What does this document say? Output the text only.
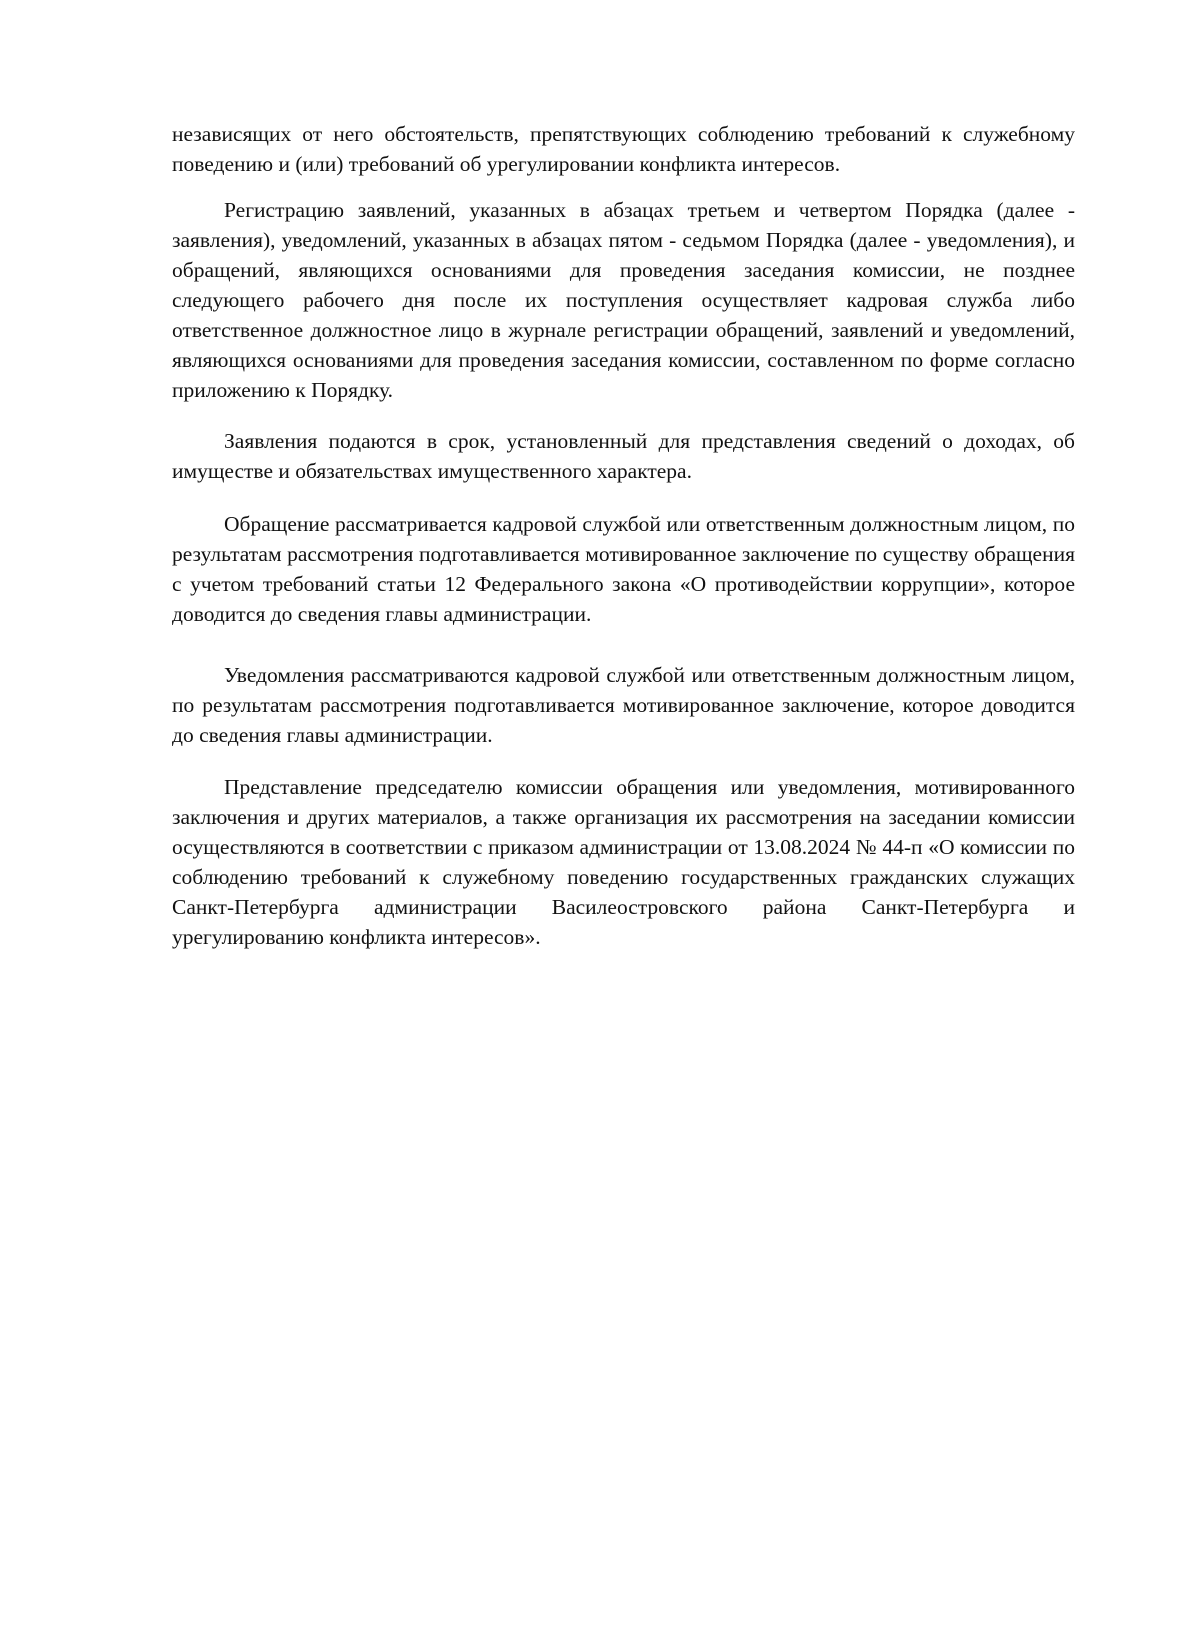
независящих от него обстоятельств, препятствующих соблюдению требований к служебному поведению и (или) требований об урегулировании конфликта интересов.

Регистрацию заявлений, указанных в абзацах третьем и четвертом Порядка (далее - заявления), уведомлений, указанных в абзацах пятом - седьмом Порядка (далее - уведомления), и обращений, являющихся основаниями для проведения заседания комиссии, не позднее следующего рабочего дня после их поступления осуществляет кадровая служба либо ответственное должностное лицо в журнале регистрации обращений, заявлений и уведомлений, являющихся основаниями для проведения заседания комиссии, составленном по форме согласно приложению к Порядку.

Заявления подаются в срок, установленный для представления сведений о доходах, об имуществе и обязательствах имущественного характера.

Обращение рассматривается кадровой службой или ответственным должностным лицом, по результатам рассмотрения подготавливается мотивированное заключение по существу обращения с учетом требований статьи 12 Федерального закона «О противодействии коррупции», которое доводится до сведения главы администрации.

Уведомления рассматриваются кадровой службой или ответственным должностным лицом, по результатам рассмотрения подготавливается мотивированное заключение, которое доводится до сведения главы администрации.

Представление председателю комиссии обращения или уведомления, мотивированного заключения и других материалов, а также организация их рассмотрения на заседании комиссии осуществляются в соответствии с приказом администрации от 13.08.2024 № 44-п «О комиссии по соблюдению требований к служебному поведению государственных гражданских служащих Санкт-Петербурга администрации Василеостровского района Санкт-Петербурга и урегулированию конфликта интересов».
